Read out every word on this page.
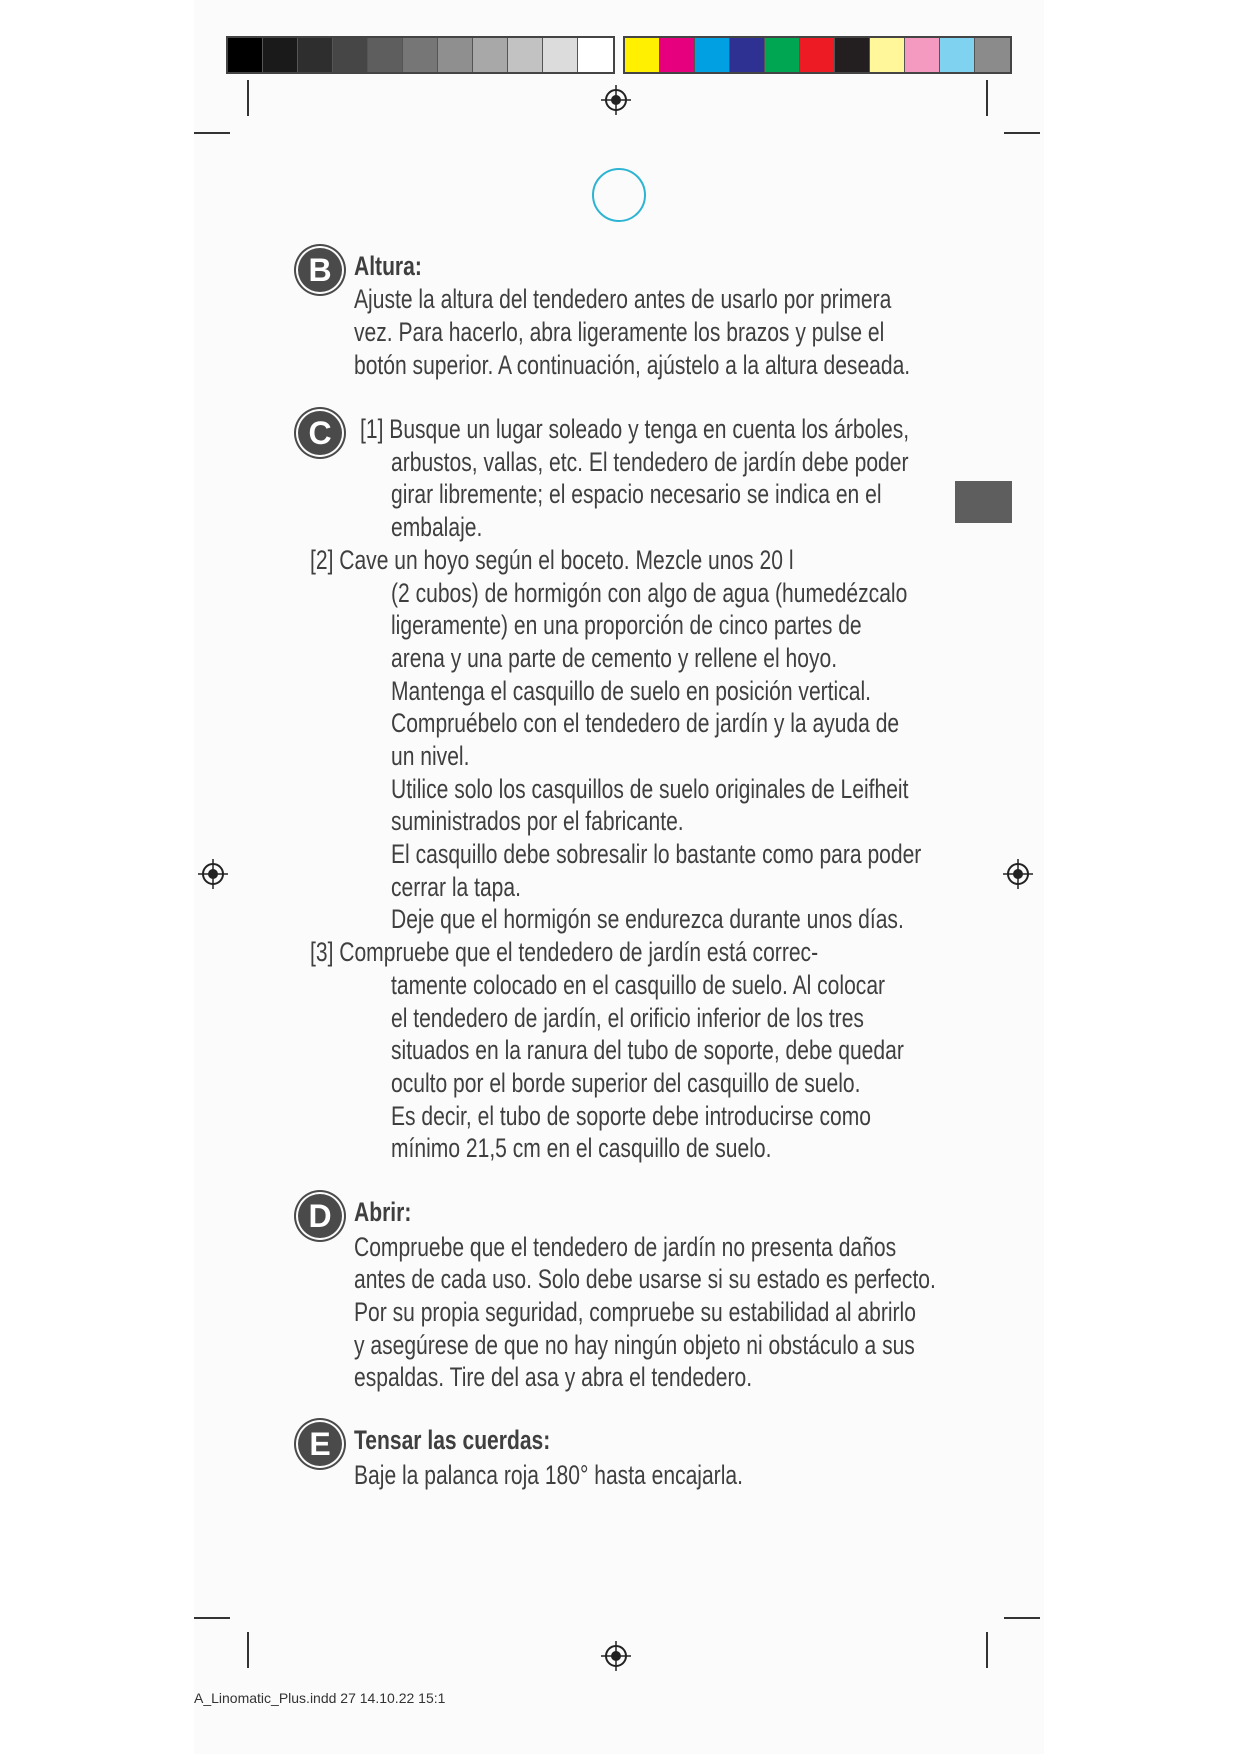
B Altura:
Ajuste la altura del tendedero antes de usarlo por primera
vez. Para hacerlo, abra ligeramente los brazos y pulse el
botón superior. A continuación, ajústelo a la altura deseada.
C	[1] Busque un lugar soleado y tenga en cuenta los árboles,
arbustos, vallas, etc. El tendedero de jardín debe poder
girar libremente; el espacio necesario se indica en el
embalaje.
[2] Cave un hoyo según el boceto. Mezcle unos 20 l
(2 cubos) de hormigón con algo de agua (humedézcalo
ligeramente) en una proporción de cinco partes de
arena y una parte de cemento y rellene el hoyo.
Mantenga el casquillo de suelo en posición vertical.
Compruébelo con el tendedero de jardín y la ayuda de
un nivel.
Utilice solo los casquillos de suelo originales de Leifheit
suministrados por el fabricante.
El casquillo debe sobresalir lo bastante como para poder
cerrar la tapa.
Deje que el hormigón se endurezca durante unos días.
[3] Compruebe que el tendedero de jardín está correc-
tamente colocado en el casquillo de suelo. Al colocar
el tendedero de jardín, el orificio inferior de los tres
situados en la ranura del tubo de soporte, debe quedar
oculto por el borde superior del casquillo de suelo.
Es decir, el tubo de soporte debe introducirse como
mínimo 21,5 cm en el casquillo de suelo.
D Abrir:
Compruebe que el tendedero de jardín no presenta daños
antes de cada uso. Solo debe usarse si su estado es perfecto.
Por su propia seguridad, compruebe su estabilidad al abrirlo
y asegúrese de que no hay ningún objeto ni obstáculo a sus
espaldas. Tire del asa y abra el tendedero.
E Tensar las cuerdas:
Baje la palanca roja 180° hasta encajarla.
A_Linomatic_Plus.indd 27 14.10.22 15:1
